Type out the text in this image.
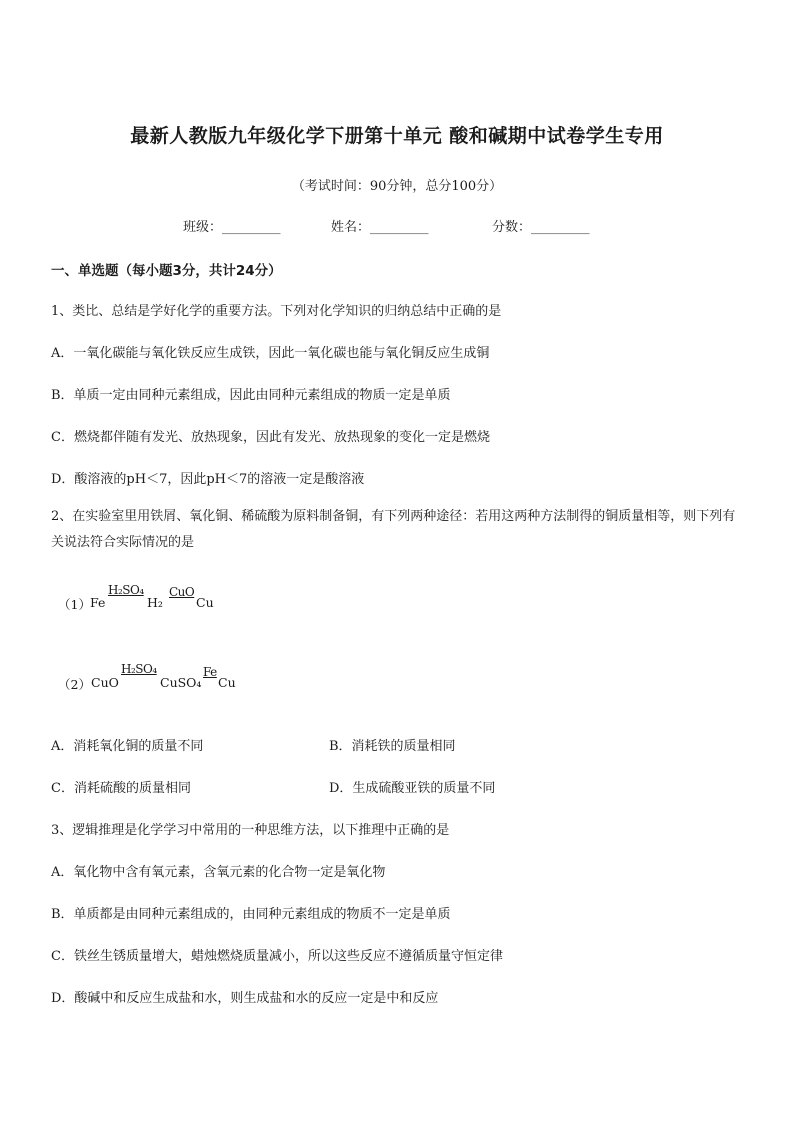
最新人教版九年级化学下册第十单元 酸和碱期中试卷学生专用
（考试时间：90分钟，总分100分）
班级：_________	姓名：_________	分数：_________
一、单选题（每小题3分，共计24分）
1、类比、总结是学好化学的重要方法。下列对化学知识的归纳总结中正确的是
A．一氧化碳能与氧化铁反应生成铁，因此一氧化碳也能与氧化铜反应生成铜
B．单质一定由同种元素组成，因此由同种元素组成的物质一定是单质
C．燃烧都伴随有发光、放热现象，因此有发光、放热现象的变化一定是燃烧
D．酸溶液的pH＜7，因此pH＜7的溶液一定是酸溶液
2、在实验室里用铁屑、氧化铜、稀硫酸为原料制备铜，有下列两种途径：若用这两种方法制得的铜质量相等，则下列有关说法符合实际情况的是
（1） Fe
H₂SO₄
H₂
CuO
Cu
（2） CuO
H₂SO₄
CuSO₄
Fe
Cu
A．消耗氧化铜的质量不同	B．消耗铁的质量相同
C．消耗硫酸的质量相同	D．生成硫酸亚铁的质量不同
3、逻辑推理是化学学习中常用的一种思维方法，以下推理中正确的是
A．氧化物中含有氧元素，含氧元素的化合物一定是氧化物
B．单质都是由同种元素组成的，由同种元素组成的物质不一定是单质
C．铁丝生锈质量增大，蜡烛燃烧质量减小，所以这些反应不遵循质量守恒定律
D．酸碱中和反应生成盐和水，则生成盐和水的反应一定是中和反应
